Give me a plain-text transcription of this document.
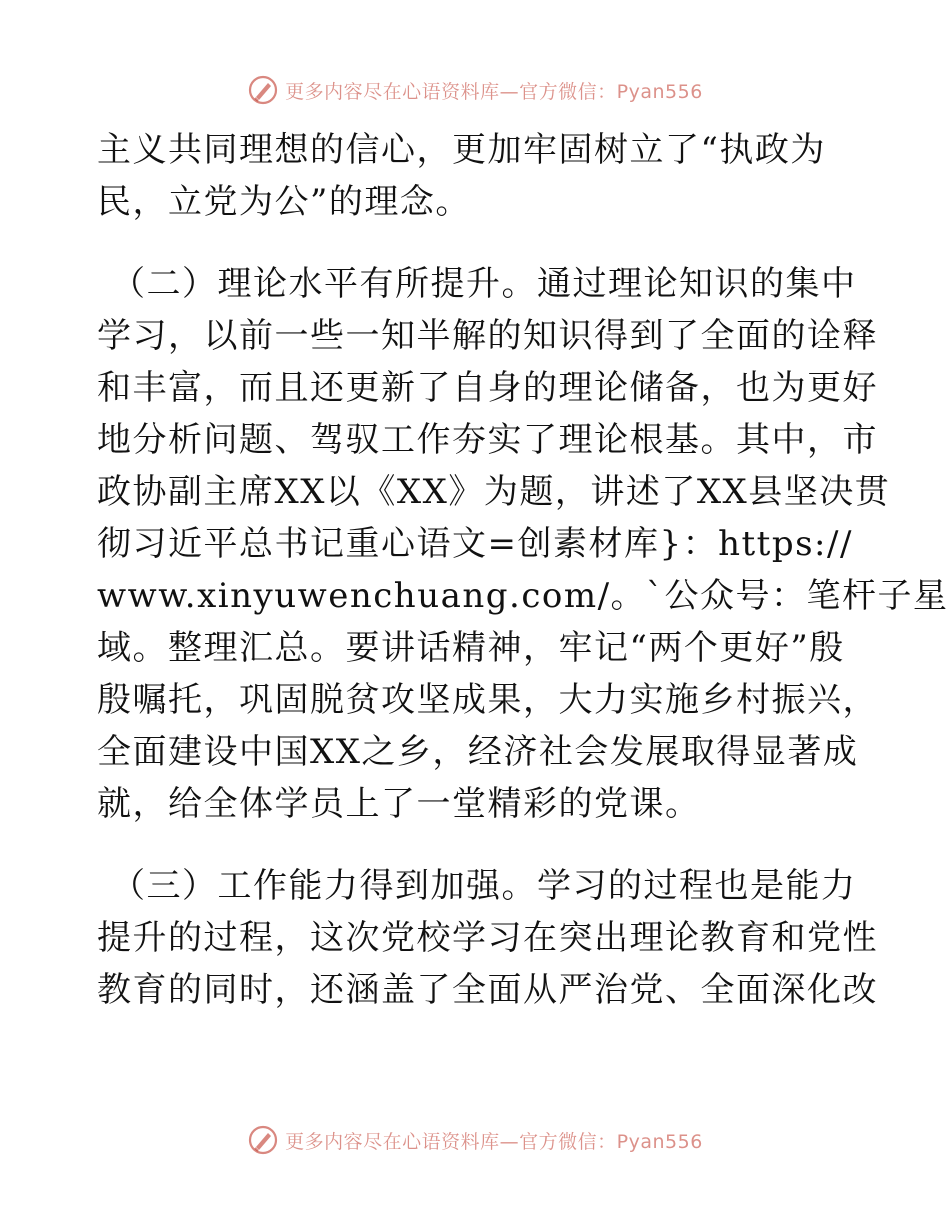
更多内容尽在心语资料库—官方微信：Pyan556
主义共同理想的信心，更加牢固树立了“执政为
民，立党为公”的理念。
（二）理论水平有所提升。通过理论知识的集中
学习，以前一些一知半解的知识得到了全面的诠释
和丰富，而且还更新了自身的理论储备，也为更好
地分析问题、驾驭工作夯实了理论根基。其中，市
政协副主席XX以《XX》为题，讲述了XX县坚决贯
彻习近平总书记重心语文=创素材库}：https://
www.xinyuwenchuang.com/。`公众号：笔杆子星
域。整理汇总。要讲话精神，牢记“两个更好”殷
殷嘱托，巩固脱贫攻坚成果，大力实施乡村振兴，
全面建设中国XX之乡，经济社会发展取得显著成
就，给全体学员上了一堂精彩的党课。
（三）工作能力得到加强。学习的过程也是能力
提升的过程，这次党校学习在突出理论教育和党性
教育的同时，还涵盖了全面从严治党、全面深化改
更多内容尽在心语资料库—官方微信：Pyan556
